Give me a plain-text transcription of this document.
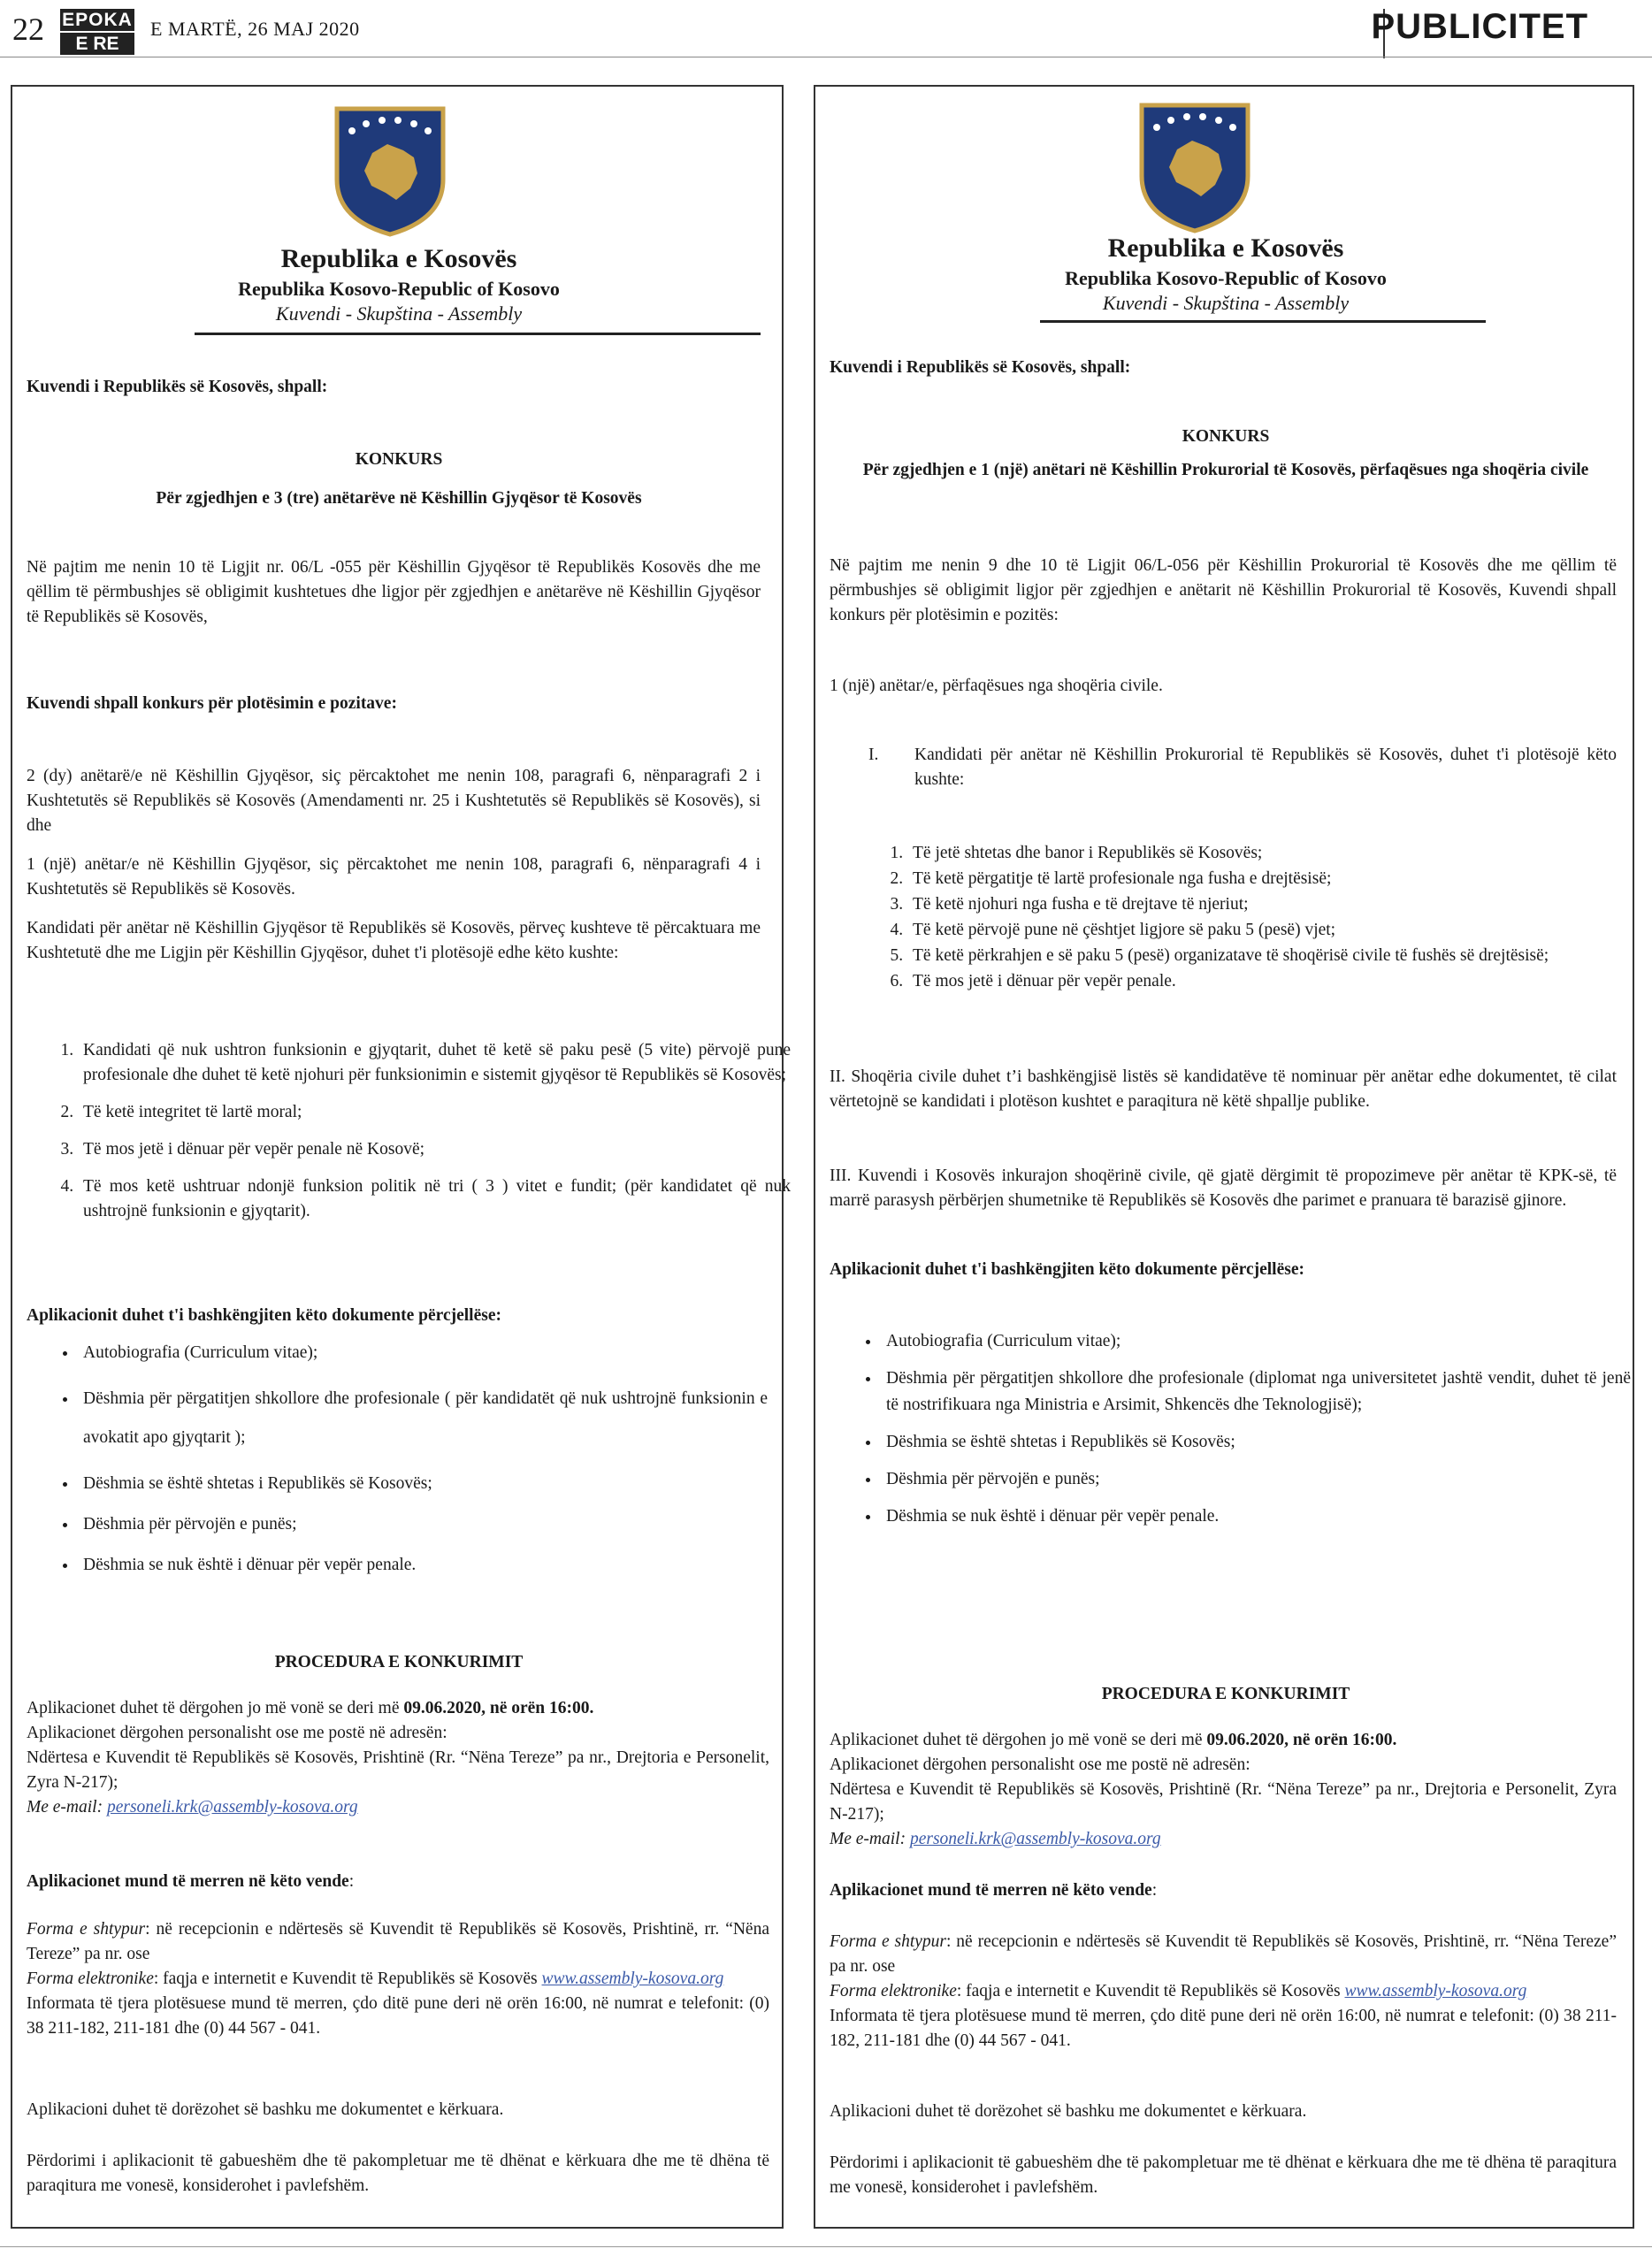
22 EPOKA
E RE
E MARTË, 26 MAJ 2020	PUBLICITET
Republika e Kosovës
Republika Kosovo-Republic of Kosovo
Kuvendi - Skupština - Assembly
Kuvendi i Republikës së Kosovës, shpall:
KONKURS
Për zgjedhjen e 3 (tre) anëtarëve në Këshillin Gjyqësor të Kosovës
Në pajtim me nenin 10 të Ligjit nr. 06/L -055 për Këshillin Gjyqësor të Republikës Kosovës dhe me qëllim të përmbushjes së obligimit kushtetues dhe ligjor për zgjedhjen e anëtarëve në Këshillin Gjyqësor të Republikës së Kosovës,
Kuvendi shpall konkurs për plotësimin e pozitave:
2 (dy) anëtarë/e në Këshillin Gjyqësor, siç përcaktohet me nenin 108, paragrafi 6, nënparagrafi 2 i Kushtetutës së Republikës së Kosovës (Amendamenti nr. 25 i Kushtetutës së Republikës së Kosovës), si dhe
1 (një) anëtar/e në Këshillin Gjyqësor, siç përcaktohet me nenin 108, paragrafi 6, nënparagrafi 4 i Kushtetutës së Republikës së Kosovës.
Kandidati për anëtar në Këshillin Gjyqësor të Republikës së Kosovës, përveç kushteve të përcaktuara me Kushtetutë dhe me Ligjin për Këshillin Gjyqësor, duhet t'i plotësojë edhe këto kushte:
1. Kandidati që nuk ushtron funksionin e gjyqtarit, duhet të ketë së paku pesë (5 vite) përvojë pune profesionale dhe duhet të ketë njohuri për funksionimin e sistemit gjyqësor të Republikës së Kosovës;
2. Të ketë integritet të lartë moral;
3. Të mos jetë i dënuar për vepër penale në Kosovë;
4. Të mos ketë ushtruar ndonjë funksion politik në tri ( 3 ) vitet e fundit; (për kandidatet që nuk ushtrojnë funksionin e gjyqtarit).
Aplikacionit duhet t'i bashkëngjiten këto dokumente përcjellëse:
• Autobiografia (Curriculum vitae);
• Dëshmia për përgatitjen shkollore dhe profesionale ( për kandidatët që nuk ushtrojnë funksionin e avokatit apo gjyqtarit );
• Dëshmia se është shtetas i Republikës së Kosovës;
• Dëshmia për përvojën e punës;
• Dëshmia se nuk është i dënuar për vepër penale.
PROCEDURA E KONKURIMIT
Aplikacionet duhet të dërgohen jo më vonë se deri më 09.06.2020, në orën 16:00.
Aplikacionet dërgohen personalisht ose me postë në adresën:
Ndërtesa e Kuvendit të Republikës së Kosovës, Prishtinë (Rr. “Nëna Tereze” pa nr., Drejtoria e Personelit, Zyra N-217);
Me e-mail: personeli.krk@assembly-kosova.org
Aplikacionet mund të merren në këto vende:
Forma e shtypur: në recepcionin e ndërtesës së Kuvendit të Republikës së Kosovës, Prishtinë, rr. “Nëna Tereze” pa nr. ose
Forma elektronike: faqja e internetit e Kuvendit të Republikës së Kosovës www.assembly-kosova.org
Informata të tjera plotësuese mund të merren, çdo ditë pune deri në orën 16:00, në numrat e telefonit: (0) 38 211-182, 211-181 dhe (0) 44 567 - 041.
Aplikacioni duhet të dorëzohet së bashku me dokumentet e kërkuara.
Përdorimi i aplikacionit të gabueshëm dhe të pakompletuar me të dhënat e kërkuara dhe me të dhëna të paraqitura me vonesë, konsiderohet i pavlefshëm.
Republika e Kosovës
Republika Kosovo-Republic of Kosovo
Kuvendi - Skupština - Assembly
Kuvendi i Republikës së Kosovës, shpall:
KONKURS
Për zgjedhjen e 1 (një) anëtari në Këshillin Prokurorial të Kosovës, përfaqësues nga shoqëria civile
Në pajtim me nenin 9 dhe 10 të Ligjit 06/L-056 për Këshillin Prokurorial të Kosovës dhe me qëllim të përmbushjes së obligimit ligjor për zgjedhjen e anëtarit në Këshillin Prokurorial të Kosovës, Kuvendi shpall konkurs për plotësimin e pozitës:
1 (një) anëtar/e, përfaqësues nga shoqëria civile.
I.	Kandidati për anëtar në Këshillin Prokurorial të Republikës së Kosovës, duhet t'i plotësojë këto kushte:
1. Të jetë shtetas dhe banor i Republikës së Kosovës;
2. Të ketë përgatitje të lartë profesionale nga fusha e drejtësisë;
3. Të ketë njohuri nga fusha e të drejtave të njeriut;
4. Të ketë përvojë pune në çështjet ligjore së paku 5 (pesë) vjet;
5. Të ketë përkrahjen e së paku 5 (pesë) organizatave të shoqërisë civile të fushës së drejtësisë;
6. Të mos jetë i dënuar për vepër penale.
II. Shoqëria civile duhet t’i bashkëngjisë listës së kandidatëve të nominuar për anëtar edhe dokumentet, të cilat vërtetojnë se kandidati i plotëson kushtet e paraqitura në këtë shpallje publike.
III. Kuvendi i Kosovës inkurajon shoqërinë civile, që gjatë dërgimit të propozimeve për anëtar të KPK-së, të marrë parasysh përbërjen shumetnike të Republikës së Kosovës dhe parimet e pranuara të barazisë gjinore.
Aplikacionit duhet t'i bashkëngjiten këto dokumente përcjellëse:
• Autobiografia (Curriculum vitae);
• Dëshmia për përgatitjen shkollore dhe profesionale (diplomat nga universitetet jashtë vendit, duhet të jenë të nostrifikuara nga Ministria e Arsimit, Shkencës dhe Teknologjisë);
• Dëshmia se është shtetas i Republikës së Kosovës;
• Dëshmia për përvojën e punës;
• Dëshmia se nuk është i dënuar për vepër penale.
PROCEDURA E KONKURIMIT
Aplikacionet duhet të dërgohen jo më vonë se deri më 09.06.2020, në orën 16:00.
Aplikacionet dërgohen personalisht ose me postë në adresën:
Ndërtesa e Kuvendit të Republikës së Kosovës, Prishtinë (Rr. “Nëna Tereze” pa nr., Drejtoria e Personelit, Zyra N-217);
Me e-mail: personeli.krk@assembly-kosova.org
Aplikacionet mund të merren në këto vende:
Forma e shtypur: në recepcionin e ndërtesës së Kuvendit të Republikës së Kosovës, Prishtinë, rr. “Nëna Tereze” pa nr. ose
Forma elektronike: faqja e internetit e Kuvendit të Republikës së Kosovës www.assembly-kosova.org
Informata të tjera plotësuese mund të merren, çdo ditë pune deri në orën 16:00, në numrat e telefonit: (0) 38 211-182, 211-181 dhe (0) 44 567 - 041.
Aplikacioni duhet të dorëzohet së bashku me dokumentet e kërkuara.
Përdorimi i aplikacionit të gabueshëm dhe të pakompletuar me të dhënat e kërkuara dhe me të dhëna të paraqitura me vonesë, konsiderohet i pavlefshëm.
